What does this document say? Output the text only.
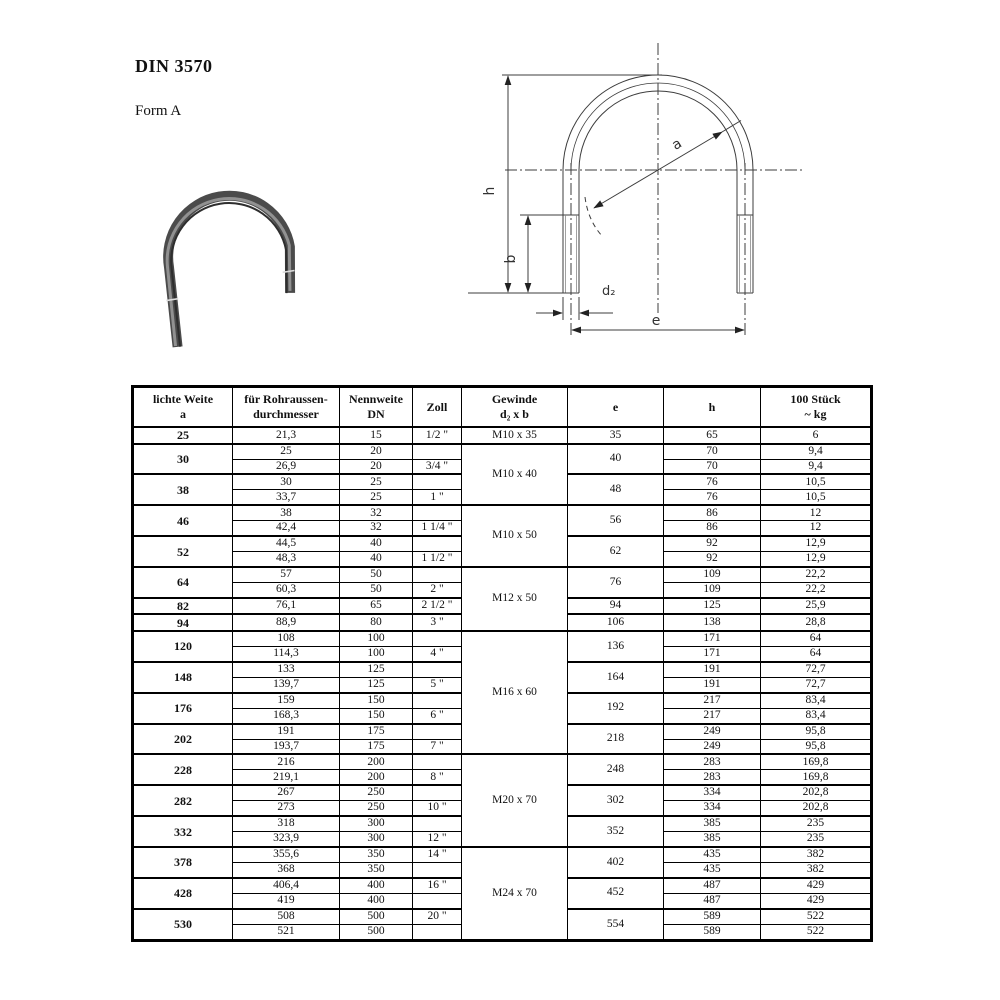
DIN 3570
Form A
h
b
a
d₂
e
lichte Weite
a

für Rohraussen-
durchmesser

Nennweite
DN

Zoll

Gewinde
d₂ x b

e	h

100 Stück
~ kg

25	21,3	15	1/2 "	M10 x 35	35	65	6
30	25	20		M10 x 40	40	70	9,4
	26,9	20	3/4 "			70	9,4
38	30	25			48	76	10,5
	33,7	25	1 "			76	10,5
46	38	32		M10 x 50	56	86	12
	42,4	32	1 1/4 "			86	12
52	44,5	40			62	92	12,9
	48,3	40	1 1/2 "			92	12,9
64	57	50		M12 x 50	76	109	22,2
	60,3	50	2 "			109	22,2
82	76,1	65	2 1/2 "		94	125	25,9
94	88,9	80	3 "		106	138	28,8
120	108	100		M16 x 60	136	171	64
	114,3	100	4 "			171	64
148	133	125			164	191	72,7
	139,7	125	5 "			191	72,7
176	159	150			192	217	83,4
	168,3	150	6 "			217	83,4
202	191	175			218	249	95,8
	193,7	175	7 "			249	95,8
228	216	200		M20 x 70	248	283	169,8
	219,1	200	8 "			283	169,8
282	267	250			302	334	202,8
	273	250	10 "			334	202,8
332	318	300			352	385	235
	323,9	300	12 "			385	235
378	355,6	350	14 "	M24 x 70	402	435	382
	368	350				435	382
428	406,4	400	16 "		452	487	429
	419	400				487	429
530	508	500	20 "		554	589	522
	521	500				589	522
